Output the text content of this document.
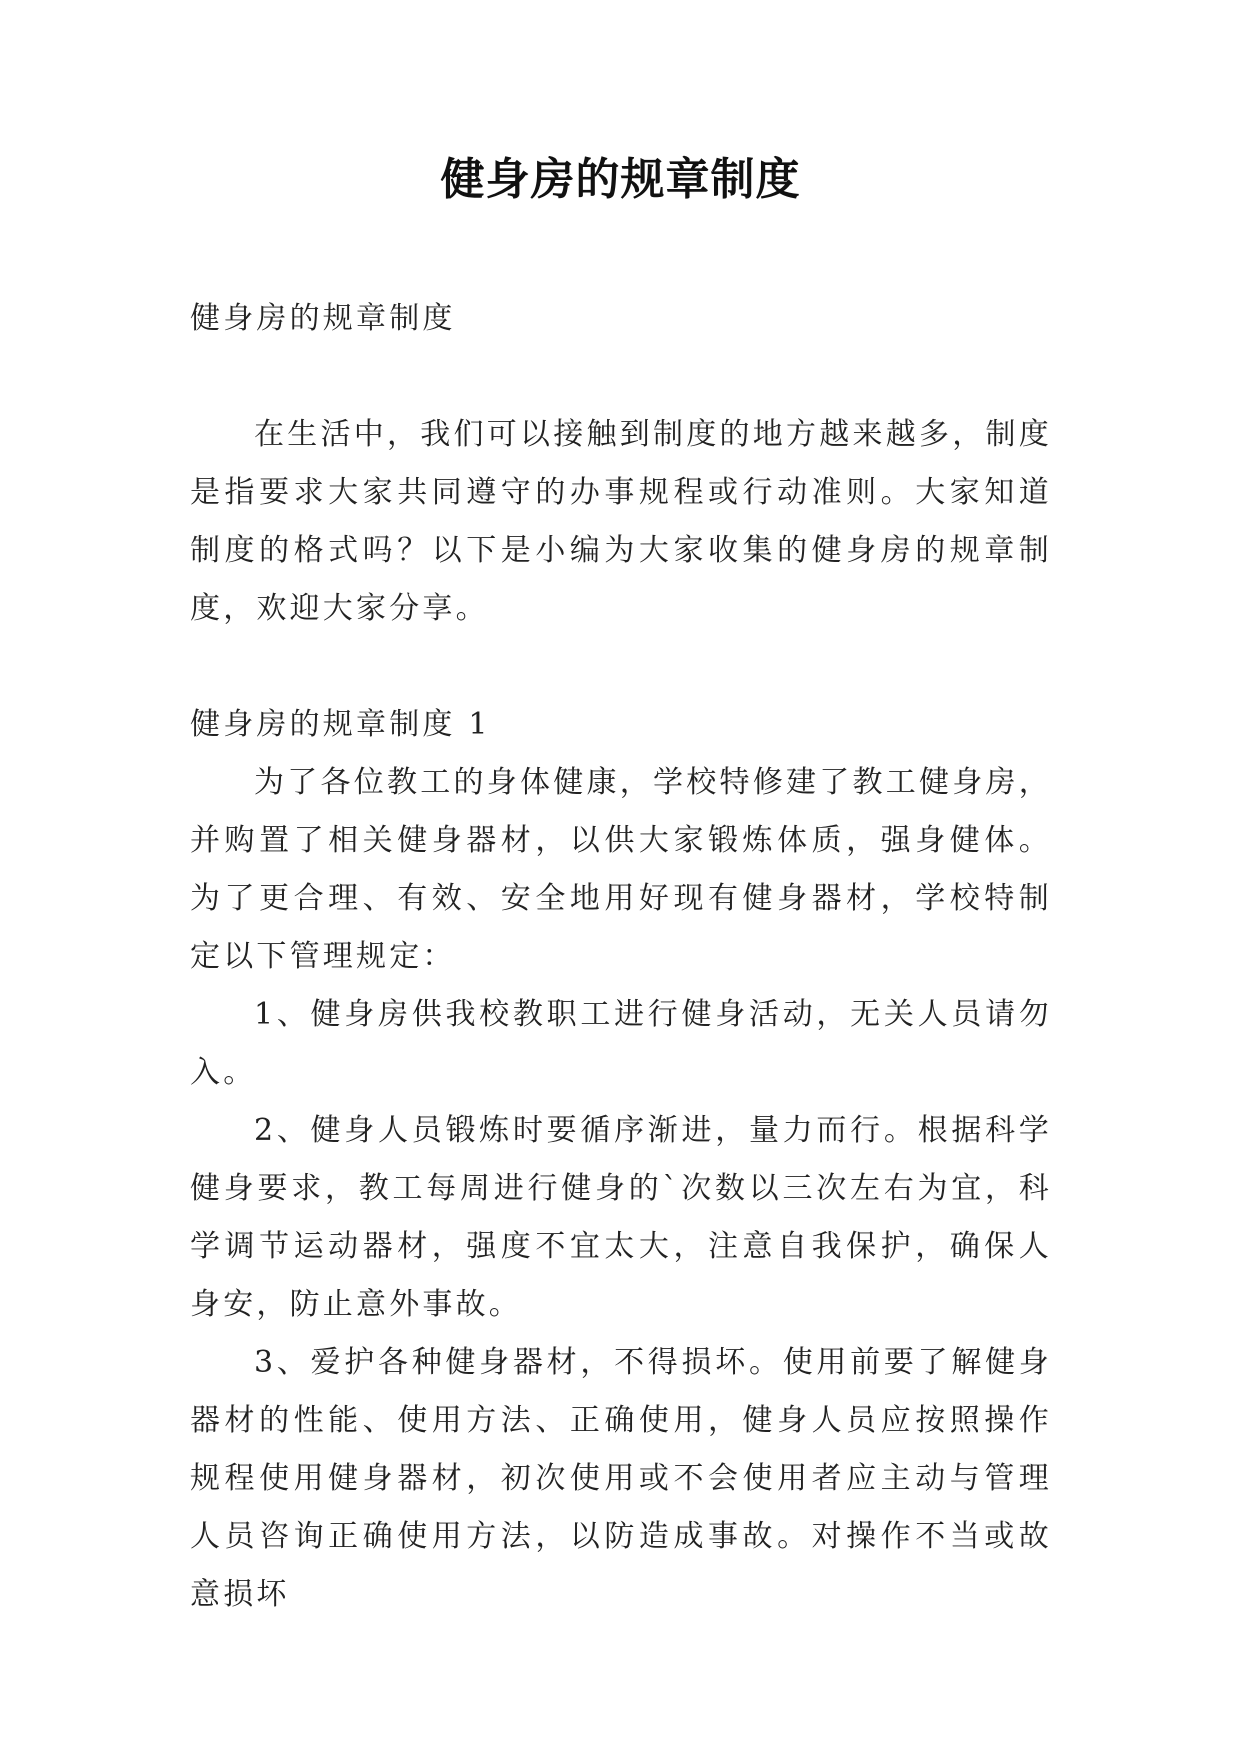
健身房的规章制度

健身房的规章制度

在生活中，我们可以接触到制度的地方越来越多，制度是指要求大家共同遵守的办事规程或行动准则。大家知道制度的格式吗？以下是小编为大家收集的健身房的规章制度，欢迎大家分享。

健身房的规章制度 1

为了各位教工的身体健康，学校特修建了教工健身房，并购置了相关健身器材，以供大家锻炼体质，强身健体。为了更合理、有效、安全地用好现有健身器材，学校特制定以下管理规定：

1、健身房供我校教职工进行健身活动，无关人员请勿入。

2、健身人员锻炼时要循序渐进，量力而行。根据科学健身要求，教工每周进行健身的`次数以三次左右为宜，科学调节运动器材，强度不宜太大，注意自我保护，确保人身安，防止意外事故。

3、爱护各种健身器材，不得损坏。使用前要了解健身器材的性能、使用方法、正确使用，健身人员应按照操作规程使用健身器材，初次使用或不会使用者应主动与管理人员咨询正确使用方法，以防造成事故。对操作不当或故意损坏
